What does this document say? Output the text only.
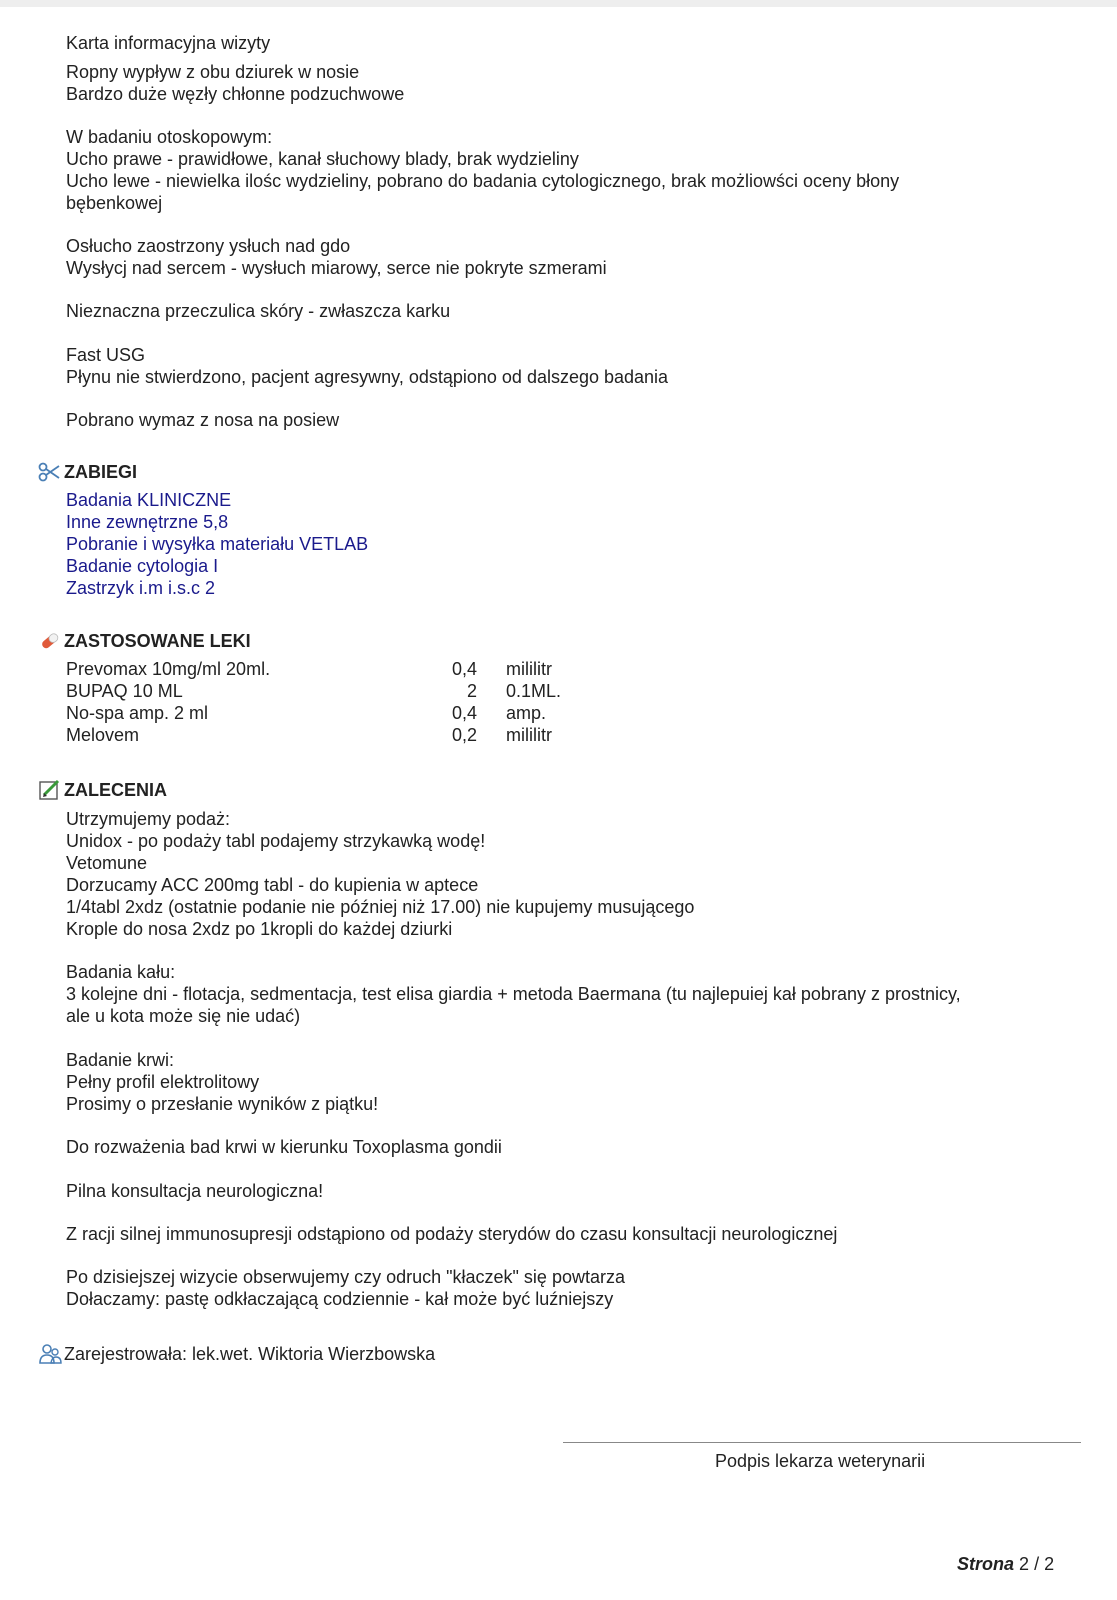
Karta informacyjna wizyty
Ropny wypływ z obu dziurek w nosie
Bardzo duże węzły chłonne podzuchwowe
W badaniu otoskopowym:
Ucho prawe - prawidłowe, kanał słuchowy blady, brak wydzieliny
Ucho lewe - niewielka ilośc wydzieliny, pobrano do badania cytologicznego, brak możliowści oceny błony
bębenkowej
Osłucho zaostrzony ysłuch nad gdo
Wysłycj nad sercem - wysłuch miarowy, serce nie pokryte szmerami
Nieznaczna przeczulica skóry - zwłaszcza karku
Fast USG
Płynu nie stwierdzono, pacjent agresywny, odstąpiono od dalszego badania
Pobrano wymaz z nosa na posiew
ZABIEGI
Badania KLINICZNE
Inne zewnętrzne 5,8
Pobranie i wysyłka materiału VETLAB
Badanie cytologia I
Zastrzyk i.m i.s.c 2
ZASTOSOWANE LEKI
Prevomax 10mg/ml 20ml.	0,4 mililitr
BUPAQ 10 ML	2 0.1ML.
No-spa amp. 2 ml	0,4 amp.
Melovem	0,2 mililitr
ZALECENIA
Utrzymujemy podaż:
Unidox - po podaży tabl podajemy strzykawką wodę!
Vetomune
Dorzucamy ACC 200mg tabl - do kupienia w aptece
1/4tabl 2xdz (ostatnie podanie nie później niż 17.00) nie kupujemy musującego
Krople do nosa 2xdz po 1kropli do każdej dziurki
Badania kału:
3 kolejne dni - flotacja, sedmentacja, test elisa giardia + metoda Baermana (tu najlepuiej kał pobrany z prostnicy,
ale u kota może się nie udać)
Badanie krwi:
Pełny profil elektrolitowy
Prosimy o przesłanie wyników z piątku!
Do rozważenia bad krwi w kierunku Toxoplasma gondii
Pilna konsultacja neurologiczna!
Z racji silnej immunosupresji odstąpiono od podaży sterydów do czasu konsultacji neurologicznej
Po dzisiejszej wizycie obserwujemy czy odruch "kłaczek" się powtarza
Dołaczamy: pastę odkłaczającą codziennie - kał może być luźniejszy
Zarejestrowała: lek.wet. Wiktoria Wierzbowska
Podpis lekarza weterynarii
Strona 2 / 2
